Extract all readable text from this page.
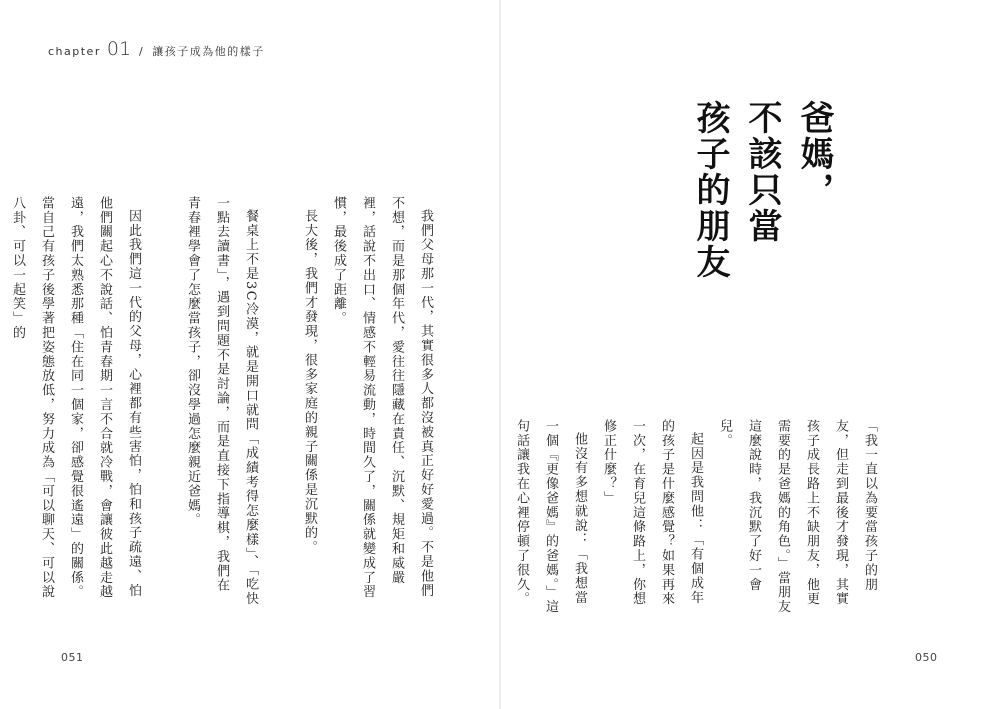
chapter 01 / 讓孩子成為他的樣子

我們父母那一代，其實很多人都沒被真正好好愛過。不是他們不想，而是那個年代，愛往往隱藏在責任、沉默、規矩和威嚴裡，話說不出口、情感不輕易流動，時間久了，關係就變成了習慣，最後成了距離。

長大後，我們才發現，很多家庭的親子關係是沉默的。

餐桌上不是3C冷漠，就是開口就問「成績考得怎麼樣」、「吃快一點去讀書」，遇到問題不是討論，而是直接下指導棋，我們在青春裡學會了怎麼當孩子，卻沒學過怎麼親近爸媽。

因此我們這一代的父母，心裡都有些害怕，怕和孩子疏遠、怕他們關起心不說話、怕青春期一言不合就冷戰，會讓彼此越走越遠，我們太熟悉那種「住在同一個家，卻感覺很遙遠」的關係。當自己有孩子後學著把姿態放低，努力成為「可以聊天、可以說八卦、可以一起笑」的

爸媽，
不該只當
孩子的朋友

「我一直以為要當孩子的朋友，但走到最後才發現，其實孩子成長路上不缺朋友，他更需要的是爸媽的角色。」當朋友這麼說時，我沉默了好一會兒。

起因是我問他：「有個成年的孩子是什麼感覺？如果再來一次，在育兒這條路上，你想修正什麼？」

他沒有多想就說：「我想當一個『更像爸媽』的爸媽。」這句話讓我在心裡停頓了很久。

051	050
